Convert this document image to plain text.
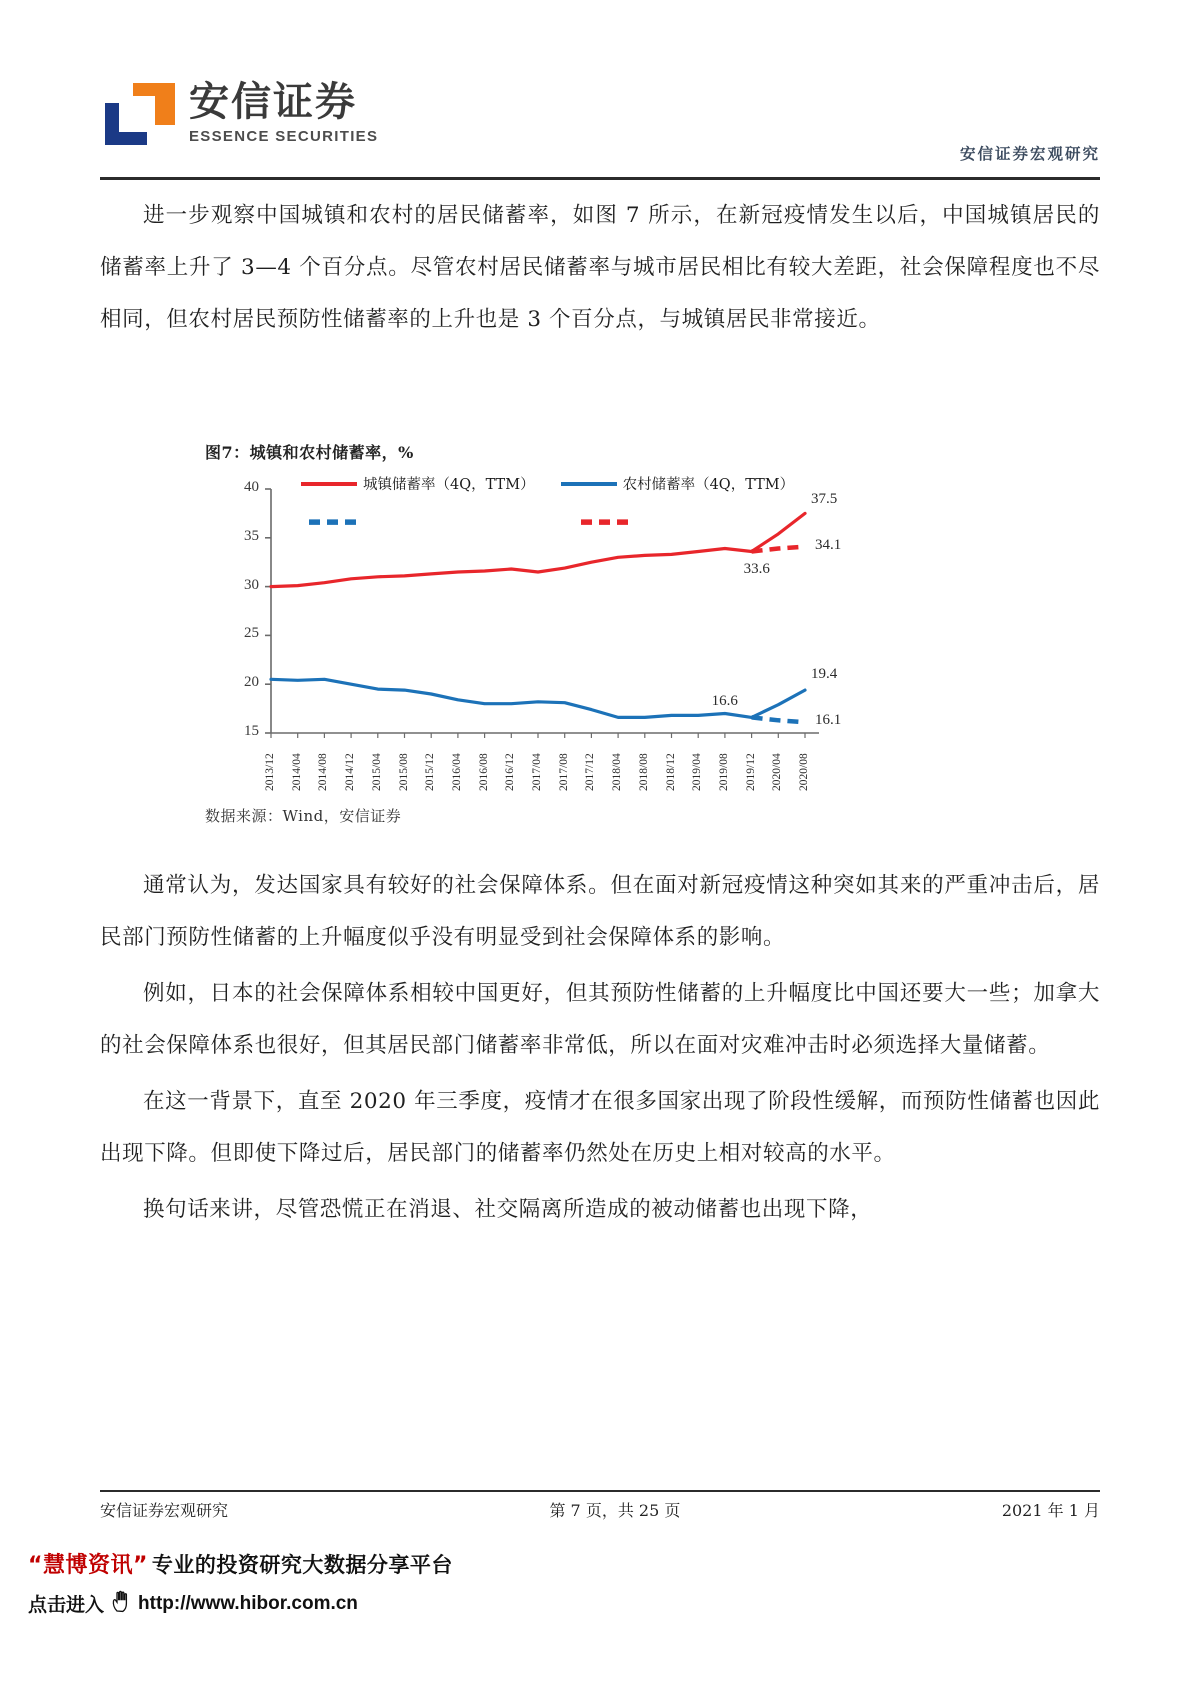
安信证券
ESSENCE SECURITIES
安信证券宏观研究

进一步观察中国城镇和农村的居民储蓄率，如图 7 所示，在新冠疫情发生以后，中国城镇居民的储蓄率上升了 3—4 个百分点。尽管农村居民储蓄率与城市居民相比有较大差距，社会保障程度也不尽相同，但农村居民预防性储蓄率的上升也是 3 个百分点，与城镇居民非常接近。

图7：城镇和农村储蓄率，%
城镇储蓄率（4Q，TTM）	农村储蓄率（4Q，TTM）
15
20
25
30
35
40
2013/12 2014/04 2014/08 2014/12 2015/04 2015/08 2015/12 2016/04 2016/08 2016/12 2017/04 2017/08 2017/12 2018/04 2018/08 2018/12 2019/04 2019/08 2019/12 2020/04 2020/08
37.5
34.1
33.6
19.4
16.1
16.6
数据来源：Wind，安信证券

通常认为，发达国家具有较好的社会保障体系。但在面对新冠疫情这种突如其来的严重冲击后，居民部门预防性储蓄的上升幅度似乎没有明显受到社会保障体系的影响。

例如，日本的社会保障体系相较中国更好，但其预防性储蓄的上升幅度比中国还要大一些；加拿大的社会保障体系也很好，但其居民部门储蓄率非常低，所以在面对灾难冲击时必须选择大量储蓄。

在这一背景下，直至 2020 年三季度，疫情才在很多国家出现了阶段性缓解，而预防性储蓄也因此出现下降。但即使下降过后，居民部门的储蓄率仍然处在历史上相对较高的水平。

换句话来讲，尽管恐慌正在消退、社交隔离所造成的被动储蓄也出现下降，

安信证券宏观研究	第 7 页，共 25 页	2021 年 1 月
“慧博资讯” 专业的投资研究大数据分享平台
点击进入 http://www.hibor.com.cn
